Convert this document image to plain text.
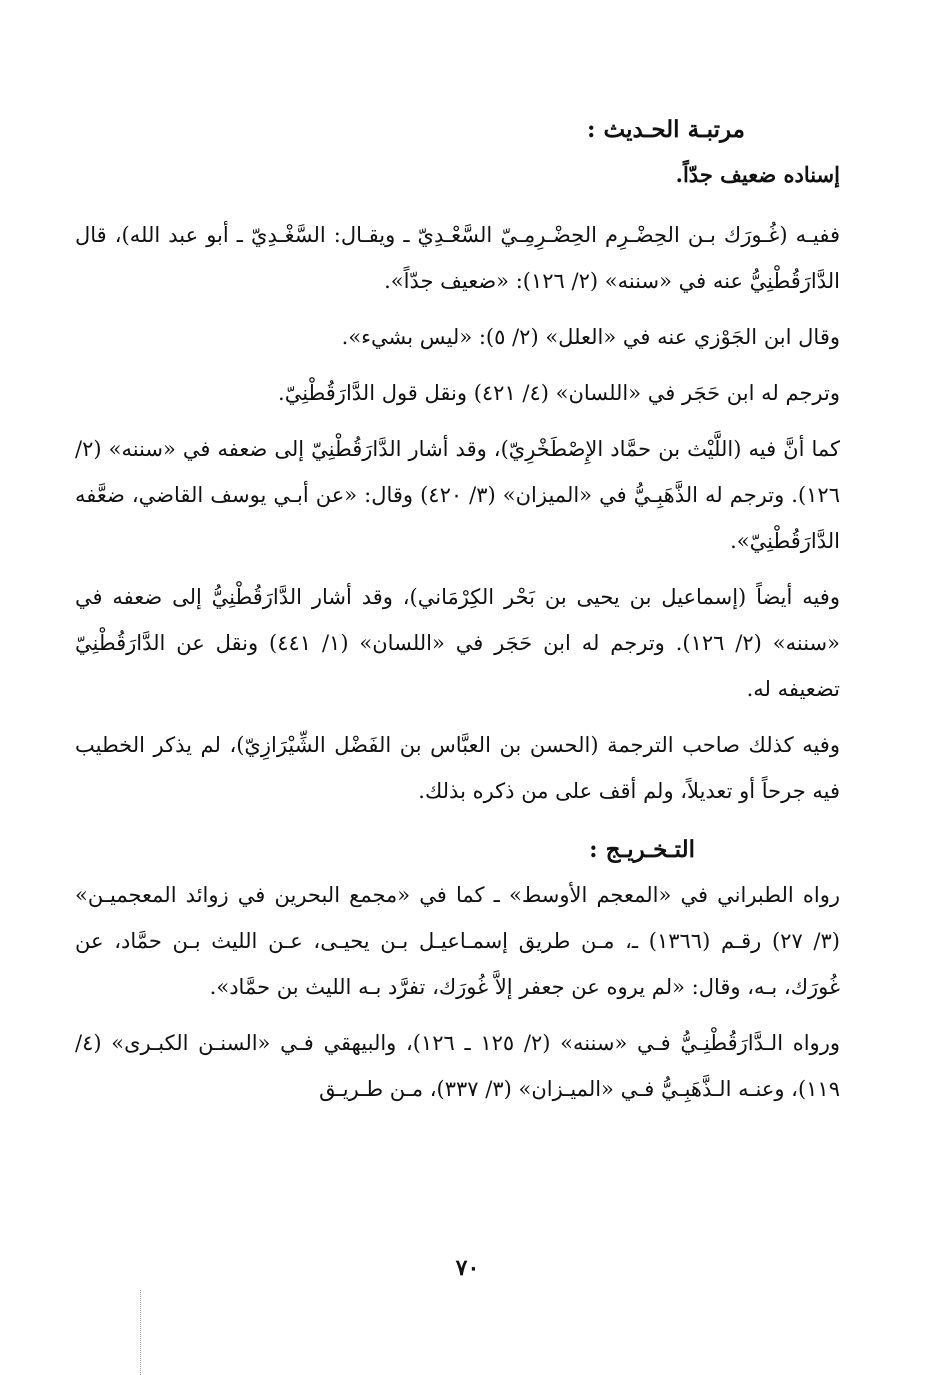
مرتبـة الحـديث :

إسناده ضعيف جدّاً.

ففيـه (غُـورَك بـن الحِضْـرِم الحِضْـرِمِـيّ السَّعْـدِيّ ـ ويقـال: السَّغْـدِيّ ـ أبو عبد الله)، قال الدَّارَقُطْنِيُّ عنه في «سننه» (٢/ ١٢٦): «ضعيف جدّاً».

وقال ابن الجَوْزي عنه في «العلل» (٢/ ٥): «ليس بشيء».

وترجم له ابن حَجَر في «اللسان» (٤/ ٤٢١) ونقل قول الدَّارَقُطْنِيّ.

كما أنَّ فيه (اللَّيْث بن حمَّاد الإِصْطَخْرِيّ)، وقد أشار الدَّارَقُطْنِيّ إلى ضعفه في «سننه» (٢/ ١٢٦). وترجم له الذَّهَبِـيُّ في «الميزان» (٣/ ٤٢٠) وقال: «عن أبـي يوسف القاضي، ضعَّفه الدَّارَقُطْنِيّ».

وفيه أيضاً (إسماعيل بن يحيى بن بَحْر الكِرْمَاني)، وقد أشار الدَّارَقُطْنِيُّ إلى ضعفه في «سننه» (٢/ ١٢٦). وترجم له ابن حَجَر في «اللسان» (١/ ٤٤١) ونقل عن الدَّارَقُطْنِيّ تضعيفه له.

وفيه كذلك صاحب الترجمة (الحسن بن العبَّاس بن الفَضْل الشِّيْرَازِيّ)، لم يذكر الخطيب فيه جرحاً أو تعديلاً، ولم أقف على من ذكره بذلك.

التـخـريـج :

رواه الطبراني في «المعجم الأوسط» ـ كما في «مجمع البحرين في زوائد المعجميـن» (٣/ ٢٧) رقـم (١٣٦٦) ـ، مـن طريق إسمـاعيـل بـن يحيـى، عـن الليث بـن حمَّاد، عن غُورَك، بـه، وقال: «لم يروه عن جعفر إلاَّ غُورَك، تفرَّد بـه الليث بن حمَّاد».

ورواه الـدَّارَقُطْنِـيُّ فـي «سننه» (٢/ ١٢٥ ـ ١٢٦)، والبيهقي فـي «السنـن الكبـرى» (٤/ ١١٩)، وعنـه الـذَّهَبِـيُّ فـي «الميـزان» (٣/ ٣٣٧)، مـن طـريـق

٧٠
